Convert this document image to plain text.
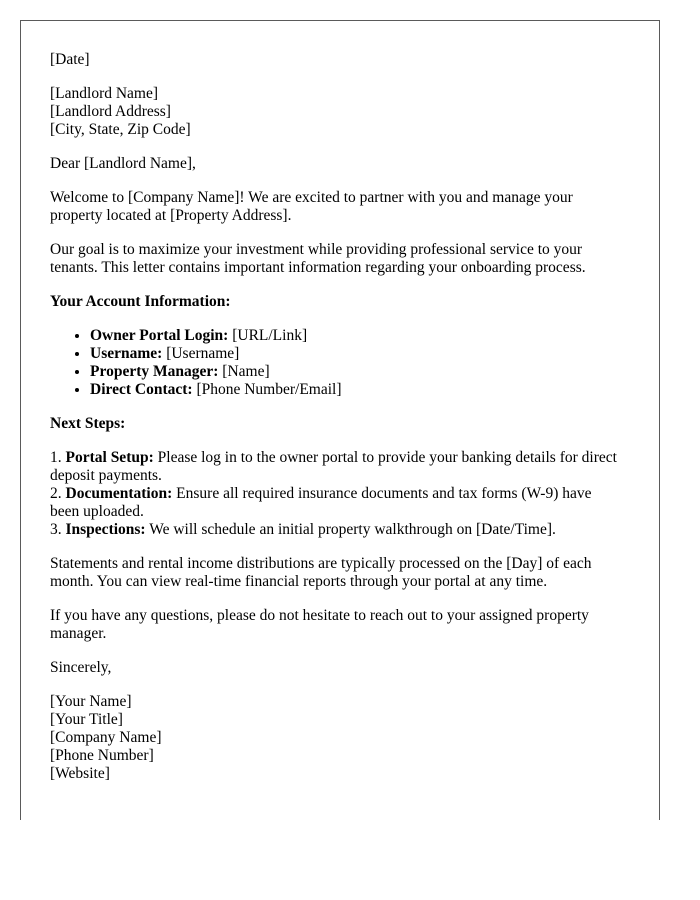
[Date]

[Landlord Name]
[Landlord Address]
[City, State, Zip Code]

Dear [Landlord Name],

Welcome to [Company Name]! We are excited to partner with you and manage your property located at [Property Address].

Our goal is to maximize your investment while providing professional service to your tenants. This letter contains important information regarding your onboarding process.

Your Account Information:

• Owner Portal Login: [URL/Link]
• Username: [Username]
• Property Manager: [Name]
• Direct Contact: [Phone Number/Email]

Next Steps:

1. Portal Setup: Please log in to the owner portal to provide your banking details for direct deposit payments.
2. Documentation: Ensure all required insurance documents and tax forms (W-9) have been uploaded.
3. Inspections: We will schedule an initial property walkthrough on [Date/Time].

Statements and rental income distributions are typically processed on the [Day] of each month. You can view real-time financial reports through your portal at any time.

If you have any questions, please do not hesitate to reach out to your assigned property manager.

Sincerely,

[Your Name]
[Your Title]
[Company Name]
[Phone Number]
[Website]
